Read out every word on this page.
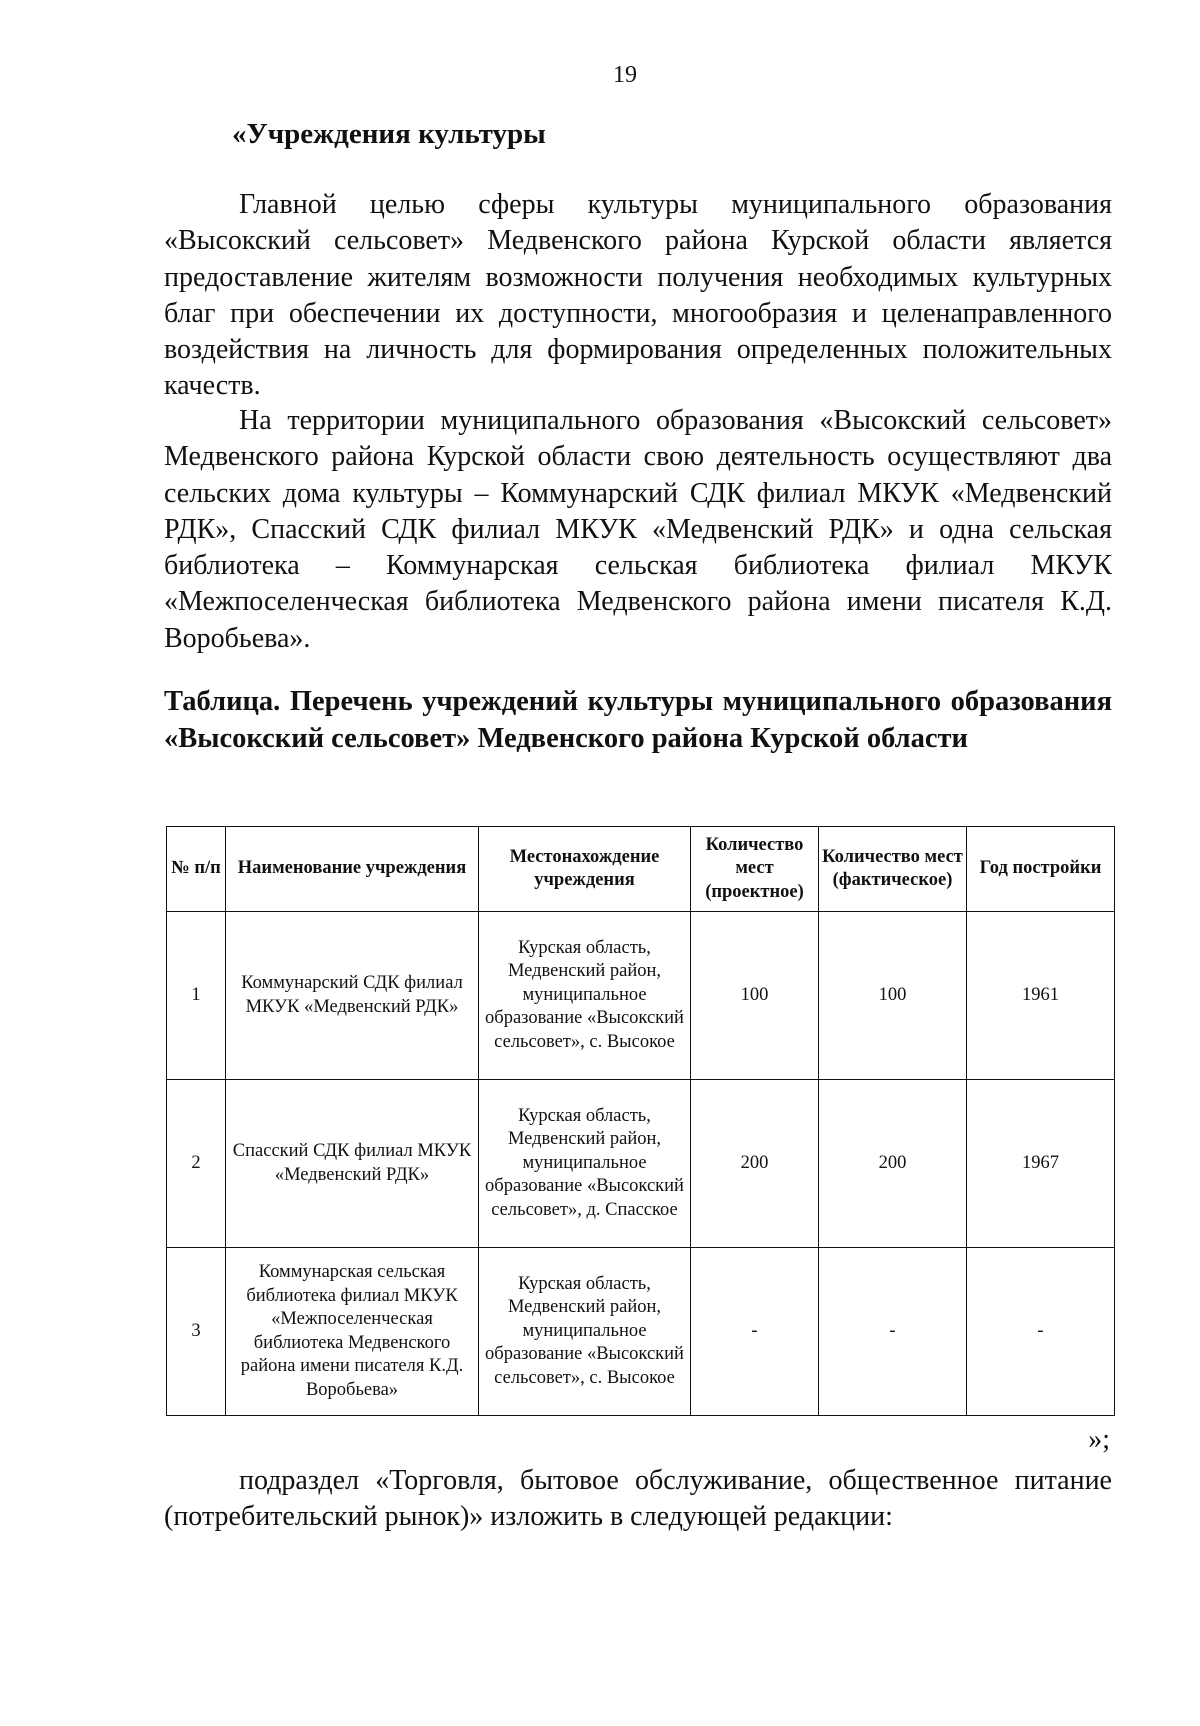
19
«Учреждения культуры

Главной целью сферы культуры муниципального образования «Высокский сельсовет» Медвенского района Курской области является предоставление жителям возможности получения необходимых культурных благ при обеспечении их доступности, многообразия и целенаправленного воздействия на личность для формирования определенных положительных качеств.

На территории муниципального образования «Высокский сельсовет» Медвенского района Курской области свою деятельность осуществляют два сельских дома культуры – Коммунарский СДК филиал МКУК «Медвенский РДК», Спасский СДК филиал МКУК «Медвенский РДК» и одна сельская библиотека – Коммунарская сельская библиотека филиал МКУК «Межпоселенческая библиотека Медвенского района имени писателя К.Д. Воробьева».

Таблица. Перечень учреждений культуры муниципального образования «Высокский сельсовет» Медвенского района Курской области
№ п/п	Наименование учреждения	Местонахождение учреждения	Количество мест (проектное)	Количество мест (фактическое)	Год постройки
1	Коммунарский СДК филиал МКУК «Медвенский РДК»	Курская область, Медвенский район, муниципальное образование «Высокский сельсовет», с. Высокое	100	100	1961
2	Спасский СДК филиал МКУК «Медвенский РДК»	Курская область, Медвенский район, муниципальное образование «Высокский сельсовет», д. Спасское	200	200	1967
3	Коммунарская сельская библиотека филиал МКУК «Межпоселенческая библиотека Медвенского района имени писателя К.Д. Воробьева»	Курская область, Медвенский район, муниципальное образование «Высокский сельсовет», с. Высокое	-	-	-
»;

подраздел «Торговля, бытовое обслуживание, общественное питание (потребительский рынок)» изложить в следующей редакции:
